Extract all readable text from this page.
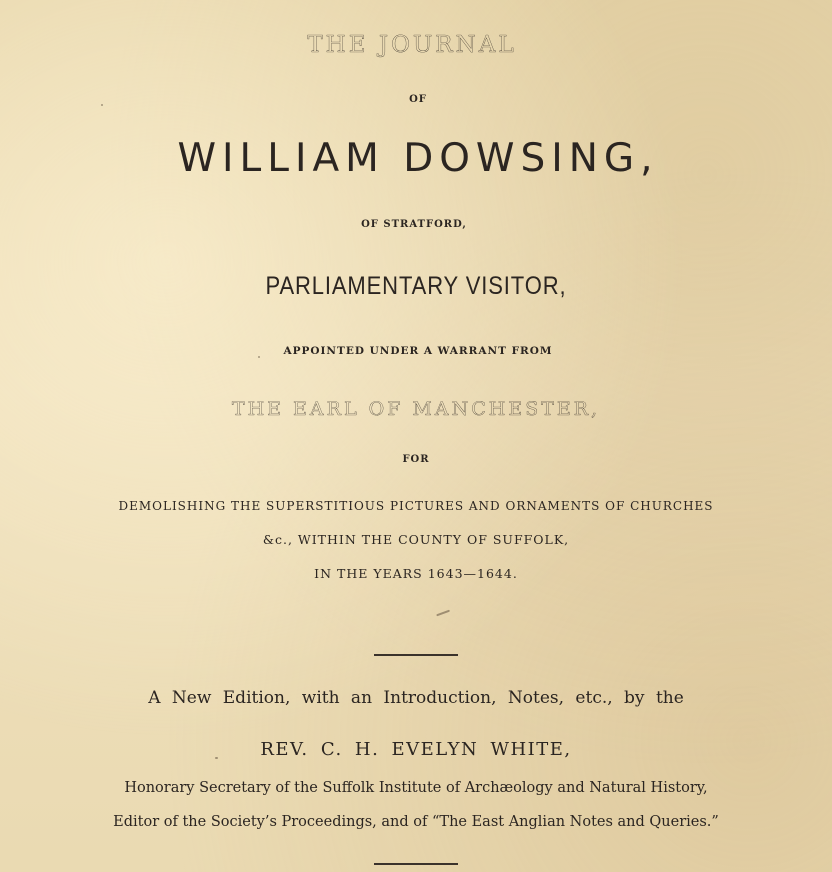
THE JOURNAL
OF
WILLIAM DOWSING,
OF STRATFORD,
PARLIAMENTARY VISITOR,
APPOINTED UNDER A WARRANT FROM
THE EARL OF MANCHESTER,
FOR
DEMOLISHING THE SUPERSTITIOUS PICTURES AND ORNAMENTS OF CHURCHES
&c., WITHIN THE COUNTY OF SUFFOLK,
IN THE YEARS 1643—1644.
A New Edition, with an Introduction, Notes, etc., by the
REV. C. H. EVELYN WHITE,
Honorary Secretary of the Suffolk Institute of Archæology and Natural History,
Editor of the Society’s Proceedings, and of “The East Anglian Notes and Queries.”
